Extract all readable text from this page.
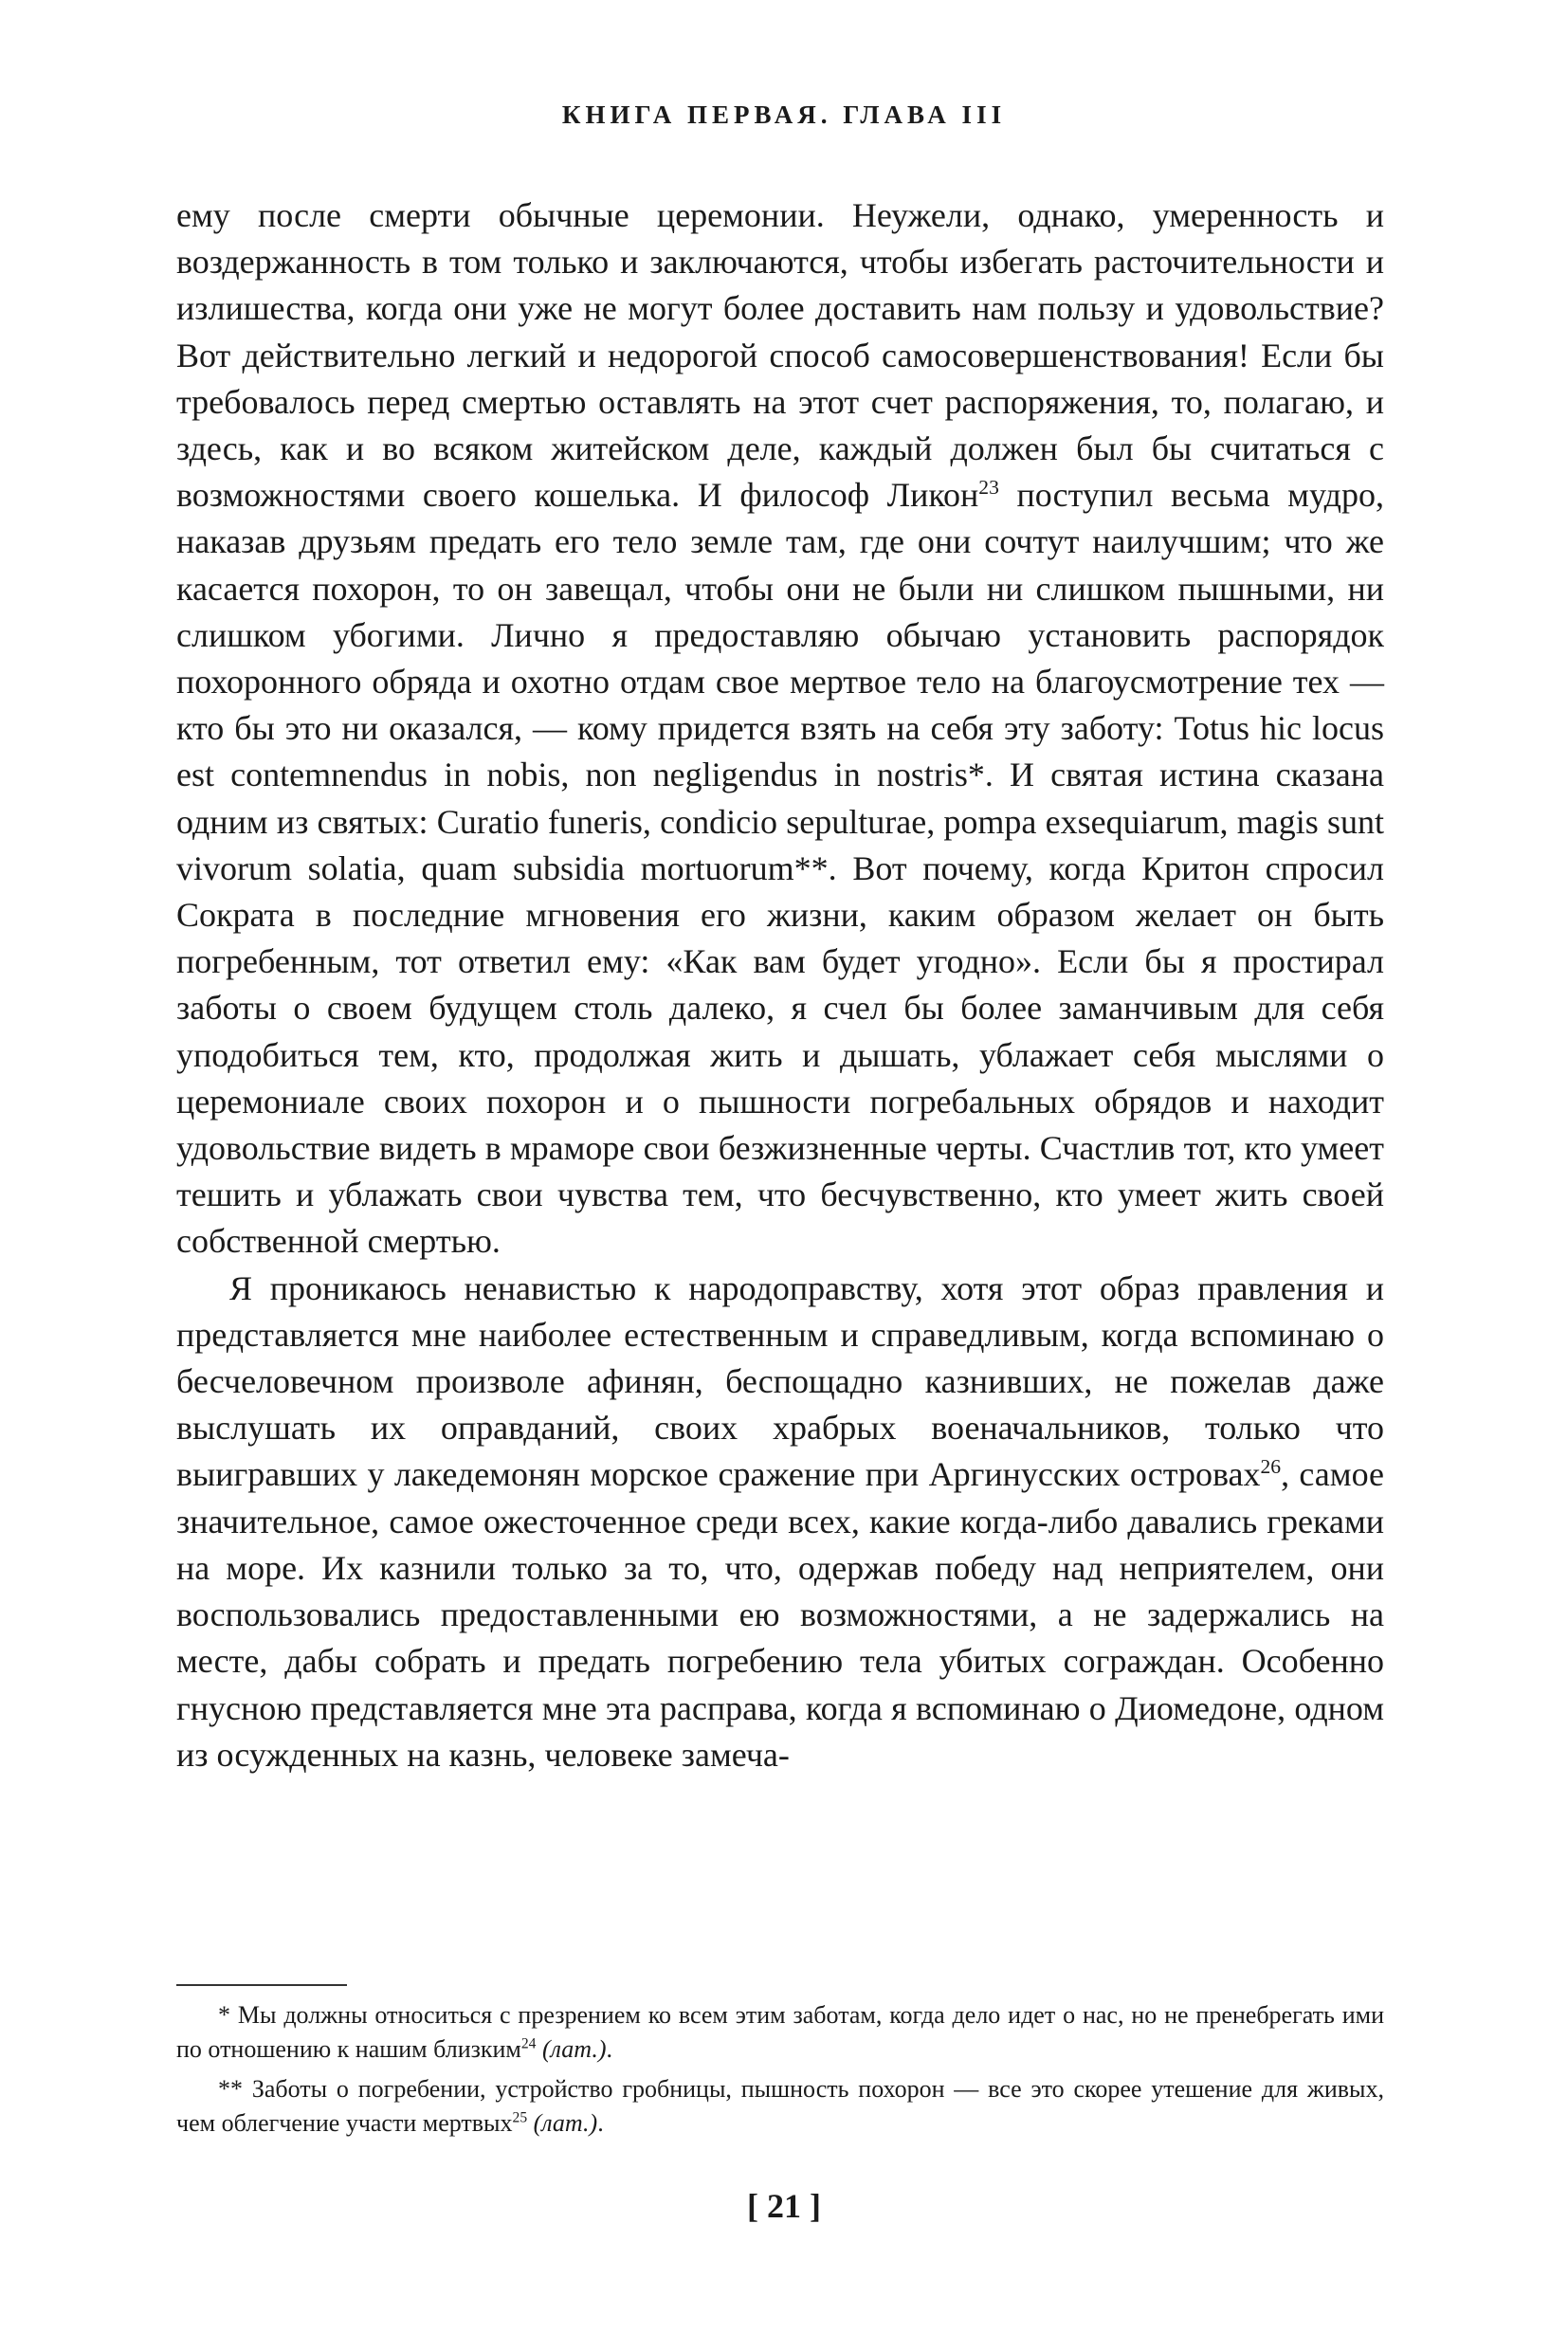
КНИГА ПЕРВАЯ. ГЛАВА III

ему после смерти обычные церемонии. Неужели, однако, умеренность и воздержанность в том только и заключаются, чтобы избегать расточительности и излишества, когда они уже не могут более доставить нам пользу и удовольствие? Вот действительно легкий и недорогой способ самосовершенствования! Если бы требовалось перед смертью оставлять на этот счет распоряжения, то, полагаю, и здесь, как и во всяком житейском деле, каждый должен был бы считаться с возможностями своего кошелька. И философ Ликон$^{23}$ поступил весьма мудро, наказав друзьям предать его тело земле там, где они сочтут наилучшим; что же касается похорон, то он завещал, чтобы они не были ни слишком пышными, ни слишком убогими. Лично я предоставляю обычаю установить распорядок похоронного обряда и охотно отдам свое мертвое тело на благоусмотрение тех — кто бы это ни оказался, — кому придется взять на себя эту заботу: Totus hic locus est contemnendus in nobis, non negligendus in nostris*. И святая истина сказана одним из святых: Curatio funeris, condicio sepulturae, pompa exsequiarum, magis sunt vivorum solatia, quam subsidia mortuorum**. Вот почему, когда Критон спросил Сократа в последние мгновения его жизни, каким образом желает он быть погребенным, тот ответил ему: «Как вам будет угодно». Если бы я простирал заботы о своем будущем столь далеко, я счел бы более заманчивым для себя уподобиться тем, кто, продолжая жить и дышать, ублажает себя мыслями о церемониале своих похорон и о пышности погребальных обрядов и находит удовольствие видеть в мраморе свои безжизненные черты. Счастлив тот, кто умеет тешить и ублажать свои чувства тем, что бесчувственно, кто умеет жить своей собственной смертью.

Я проникаюсь ненавистью к народоправству, хотя этот образ правления и представляется мне наиболее естественным и справедливым, когда вспоминаю о бесчеловечном произволе афинян, беспощадно казнивших, не пожелав даже выслушать их оправданий, своих храбрых военачальников, только что выигравших у лакедемонян морское сражение при Аргинусских островах$^{26}$, самое значительное, самое ожесточенное среди всех, какие когда-либо давались греками на море. Их казнили только за то, что, одержав победу над неприятелем, они воспользовались предоставленными ею возможностями, а не задержались на месте, дабы собрать и предать погребению тела убитых сограждан. Особенно гнусною представляется мне эта расправа, когда я вспоминаю о Диомедоне, одном из осужденных на казнь, человеке замеча-

* Мы должны относиться с презрением ко всем этим заботам, когда дело идет о нас, но не пренебрегать ими по отношению к нашим близким$^{24}$ (лат.).

** Заботы о погребении, устройство гробницы, пышность похорон — все это скорее утешение для живых, чем облегчение участи мертвых$^{25}$ (лат.).

[ 21 ]
